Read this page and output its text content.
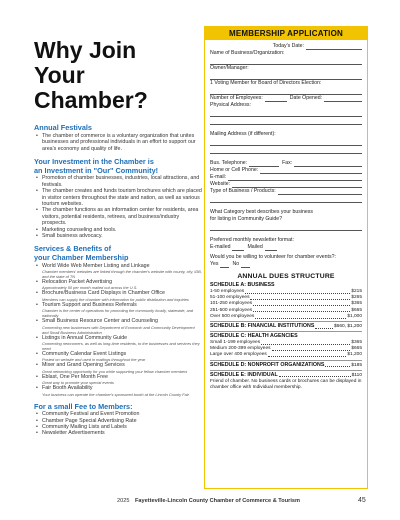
Why Join
Your Chamber?
Annual Festivals

• The chamber of commerce is a voluntary organization that unites businesses and professional individuals in an effort to support our area's economy and quality of life.

Your Investment in the Chamber is
an Investment in "Our" Community!
• Promotion of chamber businesses, industries, local attractions, and festivals.
• The chamber creates and funds tourism brochures which are placed in visitor centers throughout the state and nation, as well as various tourism websites.
• The chamber functions as an information center for residents, area visitors, potential residents, retirees, and business/industry prospects.
• Marketing counseling and tools.
• Small business advocacy.
Services & Benefits of
your Chamber Membership
• World Wide Web Member Listing and Linkage
Chamber members' websites are linked through the chamber's website with county, city, IDB, and the state of TN
• Relocation Packet Advertising
Approximately 50 per month mailed out across the U.S.
• Brochure/Business Card Displays in Chamber Office
Members can supply the chamber with information for public distribution and inquiries
• Tourism Support and Business Referrals
Chamber is the center of operations for promoting the community locally, statewide, and nationally
• Small Business Resource Center and Counseling
Connecting new businesses with Department of Economic and Community Development and Small Business Administration
• Listings in Annual Community Guide
Connecting newcomers, as well as long-time residents, to the businesses and services they need
• Community Calendar Event Listings
Posted on website and used in mailings throughout the year
• Mixer and Grand Opening Services
Great networking opportunity for you while supporting your fellow chamber members
• Eblast, One Per Month Free
Great way to promote your special events
• Fair Booth Availability
Your business can operate the chamber's sponsored booth at the Lincoln County Fair
For a small Fee to Members:
• Community Festival and Event Promotion
• Chamber Page Special Advertising Rate
• Community Mailing Lists and Labels
• Newsletter Advertisements
MEMBERSHIP APPLICATION
Today's Date:
Name of Business/Organization:
Owner/Manager:
1 Voting Member for Board of Directors Election:
Number of Employees:	Date Opened:
Physical Address:
Mailing Address (if different):
Bus. Telephone:	Fax:
Home or Cell Phone:
E-mail:
Website:
Type of Business / Products:
What Category best describes your business
for listing in Community Guide?
Preferred monthly newsletter format:
E-mailed	Mailed
Would you be willing to volunteer for chamber events?:
Yes	No
ANNUAL DUES STRUCTURE
SCHEDULE A: BUSINESS
1-50 employees	$215
51-100 employees	$265
101-250 employees	$365
251-500 employees	$665
Over 500 employees	$1,000
SCHEDULE B: FINANCIAL INSTITUTIONS	$660, $1,200
SCHEDULE C: HEALTH AGENCIES
Small 1-199 employees	$365
Medium 200-399 employees	$665
Large over 400 employees	$1,200
SCHEDULE D: NONPROFIT ORGANIZATIONS	$185
SCHEDULE E: INDIVIDUAL	$110
Friend of chamber. No business cards or brochures can be displayed in chamber office with Individual membership.
2025 Fayetteville-Lincoln County Chamber of Commerce & Tourism	45
